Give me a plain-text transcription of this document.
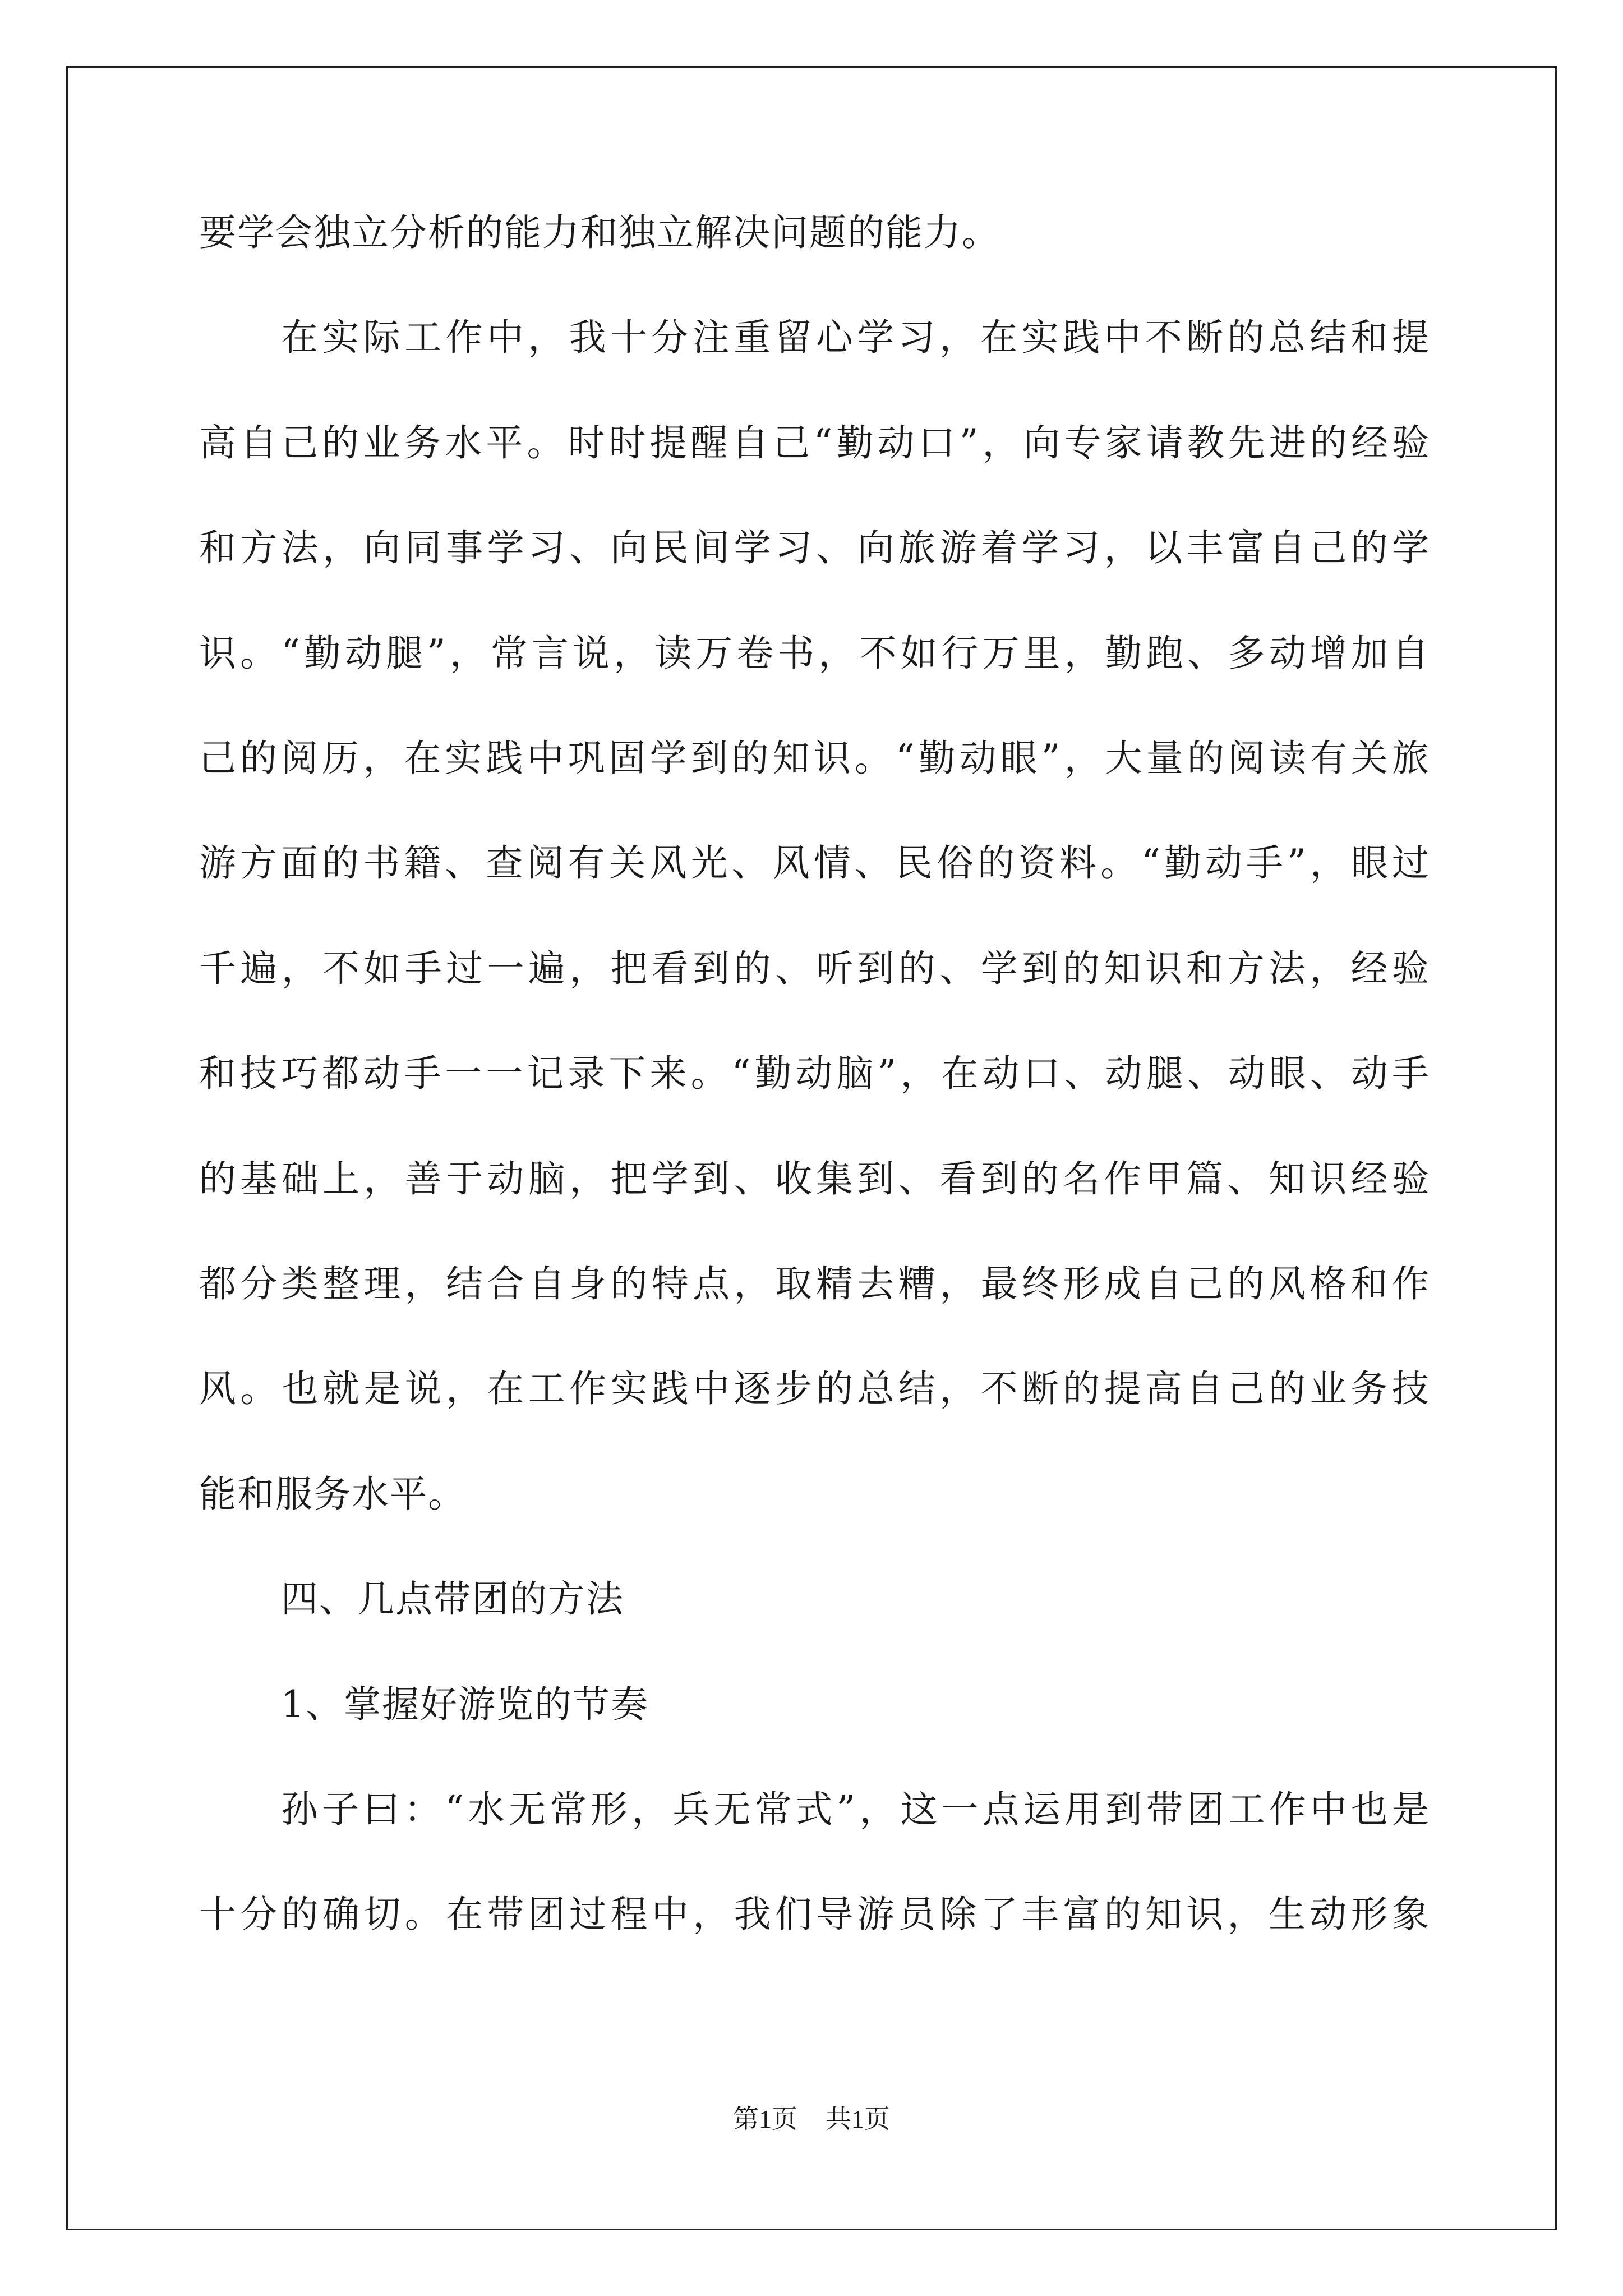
要学会独立分析的能力和独立解决问题的能力。
在实际工作中，我十分注重留心学习，在实践中不断的总结和提
高自己的业务水平。时时提醒自己“勤动口”，向专家请教先进的经验
和方法，向同事学习、向民间学习、向旅游着学习，以丰富自己的学
识。“勤动腿”，常言说，读万卷书，不如行万里，勤跑、多动增加自
己的阅历，在实践中巩固学到的知识。“勤动眼”，大量的阅读有关旅
游方面的书籍、查阅有关风光、风情、民俗的资料。“勤动手”，眼过
千遍，不如手过一遍，把看到的、听到的、学到的知识和方法，经验
和技巧都动手一一记录下来。“勤动脑”，在动口、动腿、动眼、动手
的基础上，善于动脑，把学到、收集到、看到的名作甲篇、知识经验
都分类整理，结合自身的特点，取精去糟，最终形成自己的风格和作
风。也就是说，在工作实践中逐步的总结，不断的提高自己的业务技
能和服务水平。
四、几点带团的方法
1、掌握好游览的节奏
孙子曰：“水无常形，兵无常式”，这一点运用到带团工作中也是
十分的确切。在带团过程中，我们导游员除了丰富的知识，生动形象
第1页 共1页
